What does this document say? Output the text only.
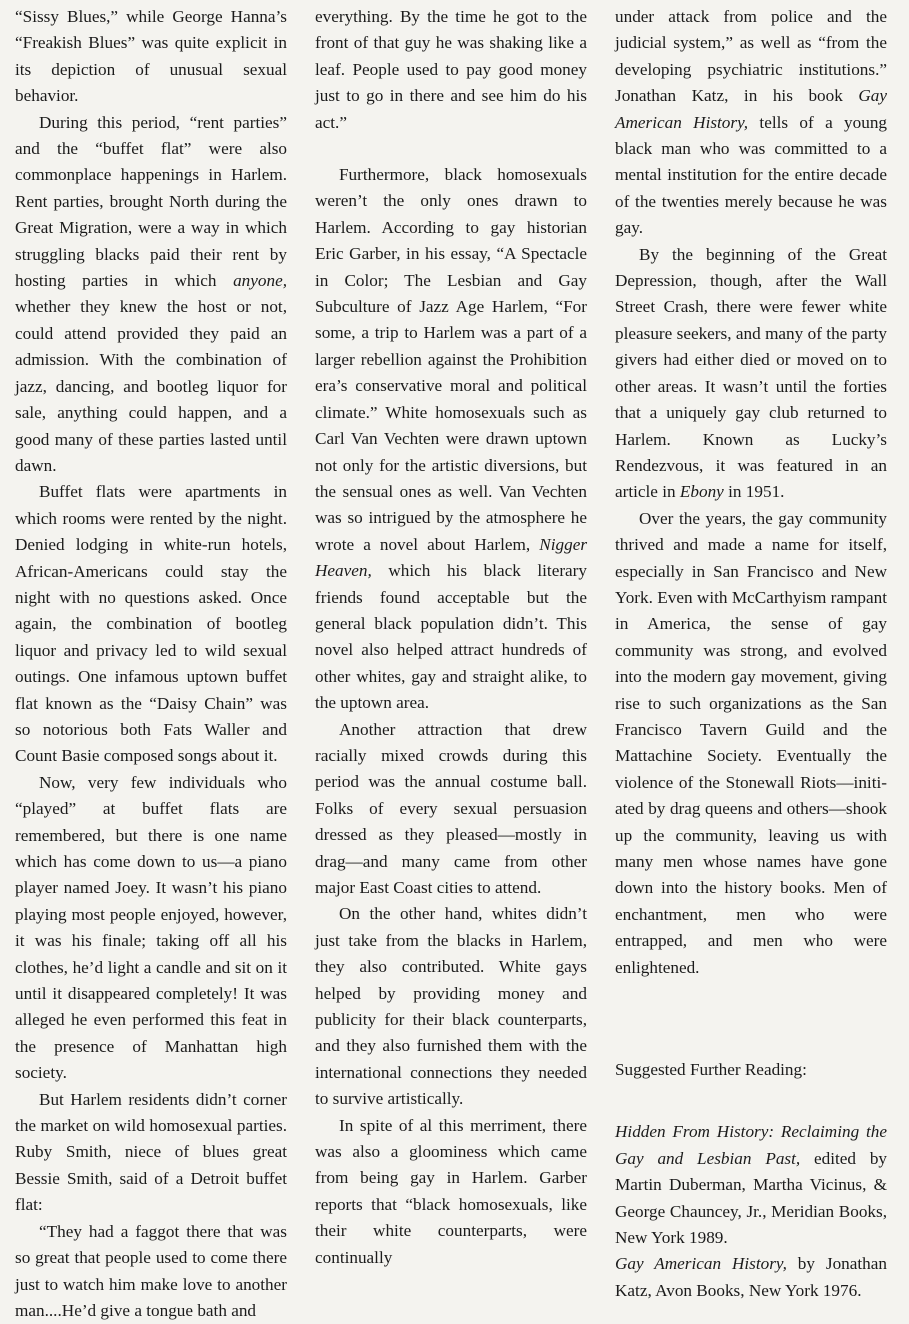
“Sissy Blues,” while George Hanna’s “Freakish Blues” was quite explicit in its depiction of unusual sexual behavior.

During this period, “rent parties” and the “buffet flat” were also commonplace happenings in Harlem. Rent parties, brought North during the Great Migration, were a way in which struggling blacks paid their rent by hosting parties in which anyone, whether they knew the host or not, could attend provided they paid an admission. With the combination of jazz, dancing, and bootleg liquor for sale, anything could happen, and a good many of these parties lasted until dawn.

Buffet flats were apartments in which rooms were rented by the night. Denied lodging in white-run hotels, African-Americans could stay the night with no questions asked. Once again, the combination of bootleg liquor and privacy led to wild sexual outings. One infamous uptown buffet flat known as the “Daisy Chain” was so notorious both Fats Waller and Count Basie composed songs about it.

Now, very few individuals who “played” at buffet flats are remembered, but there is one name which has come down to us—a piano player named Joey. It wasn’t his piano playing most people enjoyed, however, it was his finale; taking off all his clothes, he’d light a candle and sit on it until it disappeared completely! It was alleged he even performed this feat in the presence of Manhattan high society.

But Harlem residents didn’t corner the market on wild homosexual parties. Ruby Smith, niece of blues great Bessie Smith, said of a Detroit buffet flat:

“They had a faggot there that was so great that people used to come there just to watch him make love to another man....He’d give a tongue bath and

everything. By the time he got to the front of that guy he was shaking like a leaf. People used to pay good money just to go in there and see him do his act.”

Furthermore, black homosexuals weren’t the only ones drawn to Harlem. According to gay historian Eric Garber, in his essay, “A Spectacle in Color; The Lesbian and Gay Subculture of Jazz Age Harlem, “For some, a trip to Harlem was a part of a larger rebellion against the Prohibition era’s conservative moral and political climate.” White homosexuals such as Carl Van Vechten were drawn uptown not only for the artistic diversions, but the sensual ones as well. Van Vechten was so intrigued by the atmosphere he wrote a novel about Harlem, Nigger Heaven, which his black literary friends found acceptable but the general black population didn’t. This novel also helped attract hundreds of other whites, gay and straight alike, to the uptown area.

Another attraction that drew racially mixed crowds during this period was the annual costume ball. Folks of every sexual persuasion dressed as they pleased—mostly in drag—and many came from other major East Coast cities to attend.

On the other hand, whites didn’t just take from the blacks in Harlem, they also contributed. White gays helped by providing money and publicity for their black counterparts, and they also furnished them with the international connections they needed to survive artistically.

In spite of al this merriment, there was also a gloominess which came from being gay in Harlem. Garber reports that “black homosexuals, like their white counterparts, were continually

under attack from police and the judicial system,” as well as “from the developing psychiatric institutions.” Jonathan Katz, in his book Gay American History, tells of a young black man who was committed to a mental institution for the entire decade of the twenties merely because he was gay.

By the beginning of the Great Depression, though, after the Wall Street Crash, there were fewer white pleasure seekers, and many of the party givers had either died or moved on to other areas. It wasn’t until the forties that a uniquely gay club returned to Harlem. Known as Lucky’s Rendezvous, it was featured in an article in Ebony in 1951.

Over the years, the gay community thrived and made a name for itself, especially in San Francisco and New York. Even with McCarthyism rampant in America, the sense of gay community was strong, and evolved into the modern gay movement, giving rise to such organizations as the San Francisco Tavern Guild and the Mattachine Society. Eventually the violence of the Stonewall Riots—initiated by drag queens and others—shook up the community, leaving us with many men whose names have gone down into the history books. Men of enchantment, men who were entrapped, and men who were enlightened.

Suggested Further Reading:

Hidden From History: Reclaiming the Gay and Lesbian Past, edited by Martin Duberman, Martha Vicinus, & George Chauncey, Jr., Meridian Books, New York 1989.

Gay American History, by Jonathan Katz, Avon Books, New York 1976.
